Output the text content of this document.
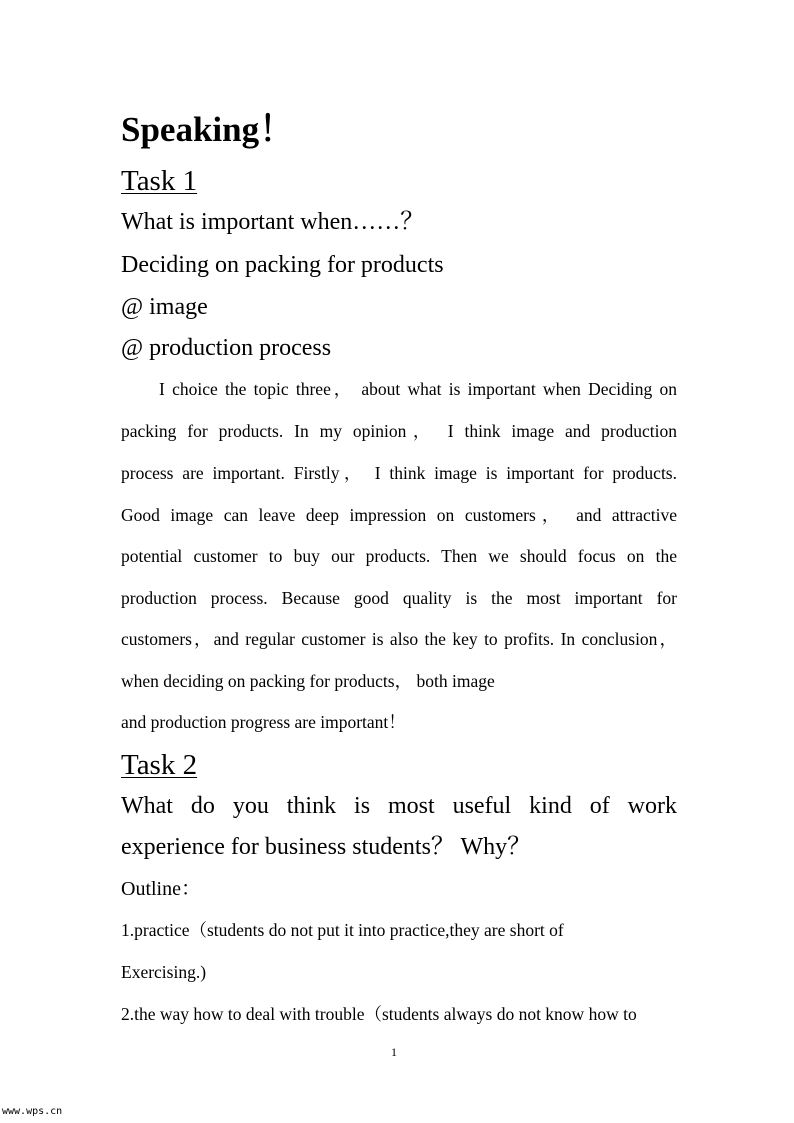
Speaking！
Task 1
What is important when……？
Deciding on packing for products
@ image
@ production process
I choice the topic three， about what is important when Deciding on
packing for products. In my opinion， I think image and production
process are important. Firstly， I think image is important for products.
Good image can leave deep impression on customers， and attractive
potential customer to buy our products. Then we should focus on the
production process. Because good quality is the most important for
customers，and regular customer is also the key to profits. In conclusion，
when deciding on packing for products， both image
and production progress are important！
Task 2
What do you think is most useful kind of work
experience for business students？ Why？
Outline：
1.practice（students do not put it into practice,they are short of
Exercising.)
2.the way how to deal with trouble（students always do not know how to
1
www.wps.cn
